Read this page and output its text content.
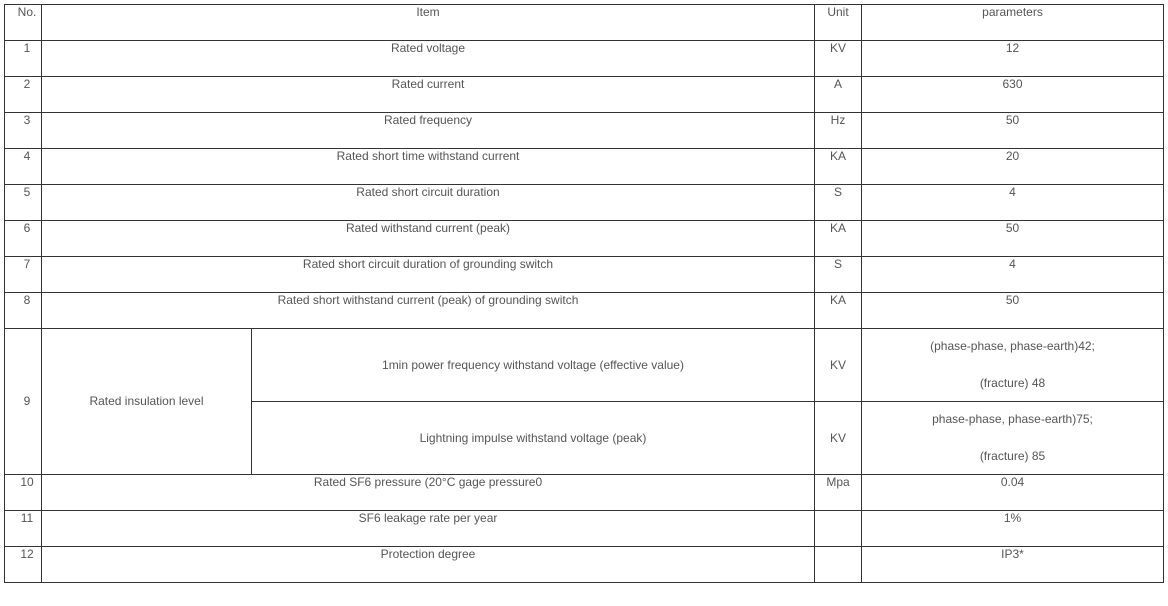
No.	Item		Unit	parameters
1	Rated voltage		KV	12
2	Rated current		A	630
3	Rated frequency		Hz	50
4	Rated short time withstand current		KA	20
5	Rated short circuit duration		S	4
6	Rated withstand current (peak)		KA	50
7	Rated short circuit duration of grounding switch		S	4
8	Rated short withstand current (peak) of grounding switch		KA	50
9	Rated insulation level	1min power frequency withstand voltage (effective value)	KV	(phase-phase, phase-earth)42;
(fracture) 48

		Lightning impulse withstand voltage (peak)	KV	phase-phase, phase-earth)75;
(fracture) 85

10	Rated SF6 pressure (20°C gage pressure0		Mpa	0.04
11	SF6 leakage rate per year			1%
12	Protection degree			IP3*
